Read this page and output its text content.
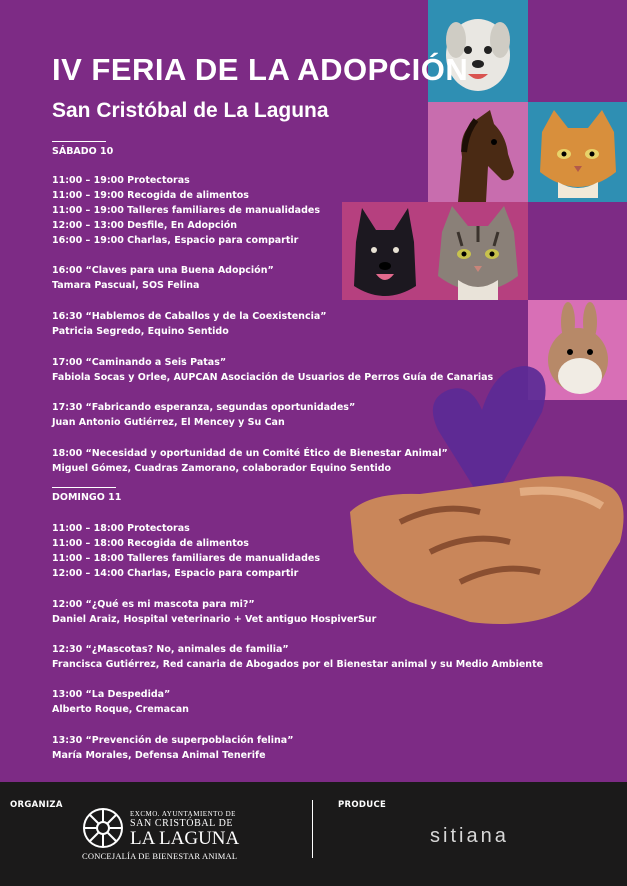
IV FERIA DE LA ADOPCIÓN
San Cristóbal de La Laguna
SÁBADO 10
11:00 – 19:00 Protectoras
11:00 – 19:00 Recogida de alimentos
11:00 – 19:00 Talleres familiares de manualidades
12:00 – 13:00 Desfile, En Adopción
16:00 – 19:00 Charlas, Espacio para compartir
16:00 “Claves para una Buena Adopción”
Tamara Pascual, SOS Felina
16:30 “Hablemos de Caballos y de la Coexistencia”
Patricia Segredo, Equino Sentido
17:00 “Caminando a Seis Patas”
Fabiola Socas y Orlee, AUPCAN Asociación de Usuarios de Perros Guía de Canarias
17:30 “Fabricando esperanza, segundas oportunidades”
Juan Antonio Gutiérrez, El Mencey y Su Can
18:00 “Necesidad y oportunidad de un Comité Ético de Bienestar Animal”
Miguel Gómez, Cuadras Zamorano, colaborador Equino Sentido
DOMINGO 11
11:00 – 18:00 Protectoras
11:00 – 18:00 Recogida de alimentos
11:00 – 18:00 Talleres familiares de manualidades
12:00 – 14:00 Charlas, Espacio para compartir
12:00 “¿Qué es mi mascota para mi?”
Daniel Araiz, Hospital veterinario + Vet antiguo HospiverSur
12:30 “¿Mascotas? No, animales de familia”
Francisca Gutiérrez, Red canaria de Abogados por el Bienestar animal y su Medio Ambiente
13:00 “La Despedida”
Alberto Roque, Cremacan
13:30 “Prevención de superpoblación felina”
María Morales, Defensa Animal Tenerife
ORGANIZA
EXCMO. AYUNTAMIENTO DE
SAN CRISTÓBAL DE
LA LAGUNA
CONCEJALÍA DE BIENESTAR ANIMAL
PRODUCE
sitiana
